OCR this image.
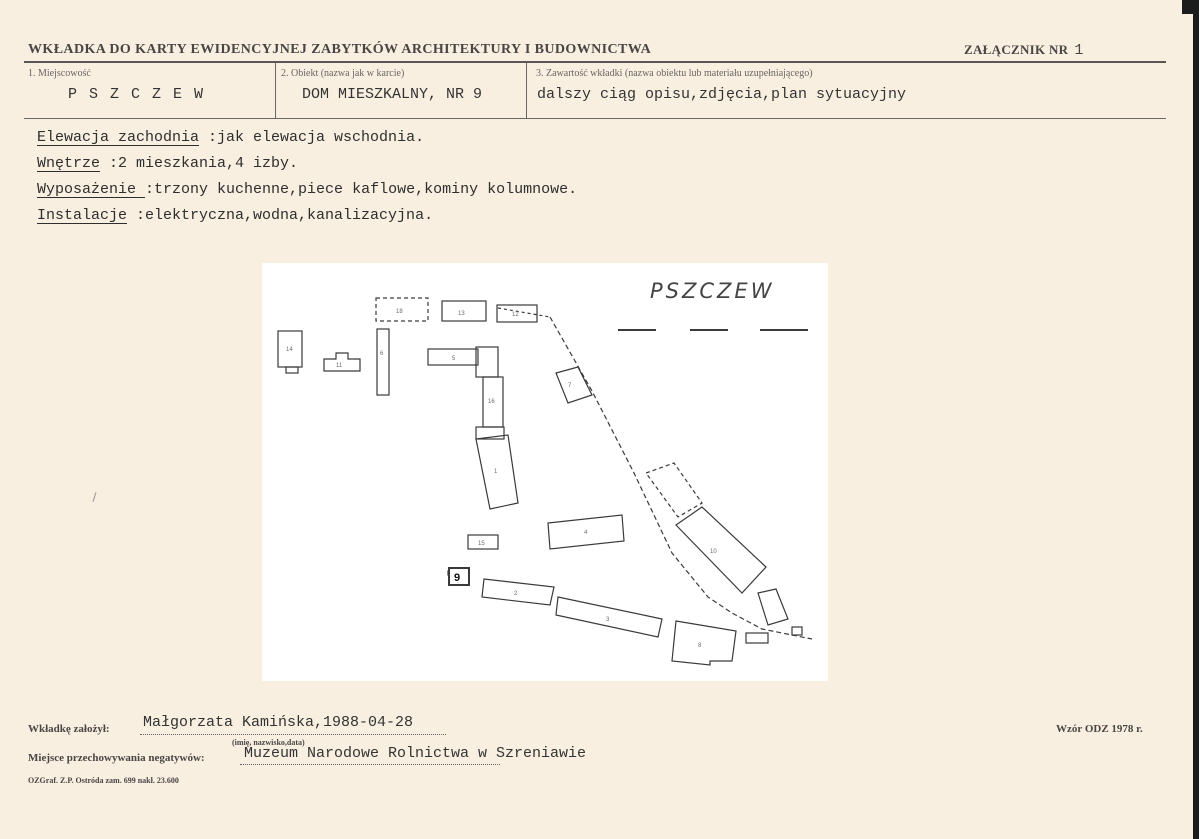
WKŁADKA DO KARTY EWIDENCYJNEJ ZABYTKÓW ARCHITEKTURY I BUDOWNICTWA	ZAŁĄCZNIK NR 1
1. Miejscowość
PSZCZEW
2. Obiekt (nazwa jak w karcie)
DOM MIESZKALNY, NR 9
3. Zawartość wkładki (nazwa obiektu lub materiału uzupełniającego)
dalszy ciąg opisu,zdjęcia,plan sytuacyjny
Elewacja zachodnia :jak elewacja wschodnia.
Wnętrze :2 mieszkania,4 izby.
Wyposażenie :trzony kuchenne,piece kaflowe,kominy kolumnowe.
Instalacje :elektryczna,wodna,kanalizacyjna.
18	13	12
14
11
6
5
16
1
7
4
15
10
2
3
8
9
PSZCZEW
Wkładkę założył: Małgorzata Kamińska,1988-04-28
(imię, nazwisko,data)
Miejsce przechowywania negatywów:	Muzeum Narodowe Rolnictwa w Szreniawie
OZGraf. Z.P. Ostróda zam. 699 nakł. 23.600
Wzór ODZ 1978 r.
